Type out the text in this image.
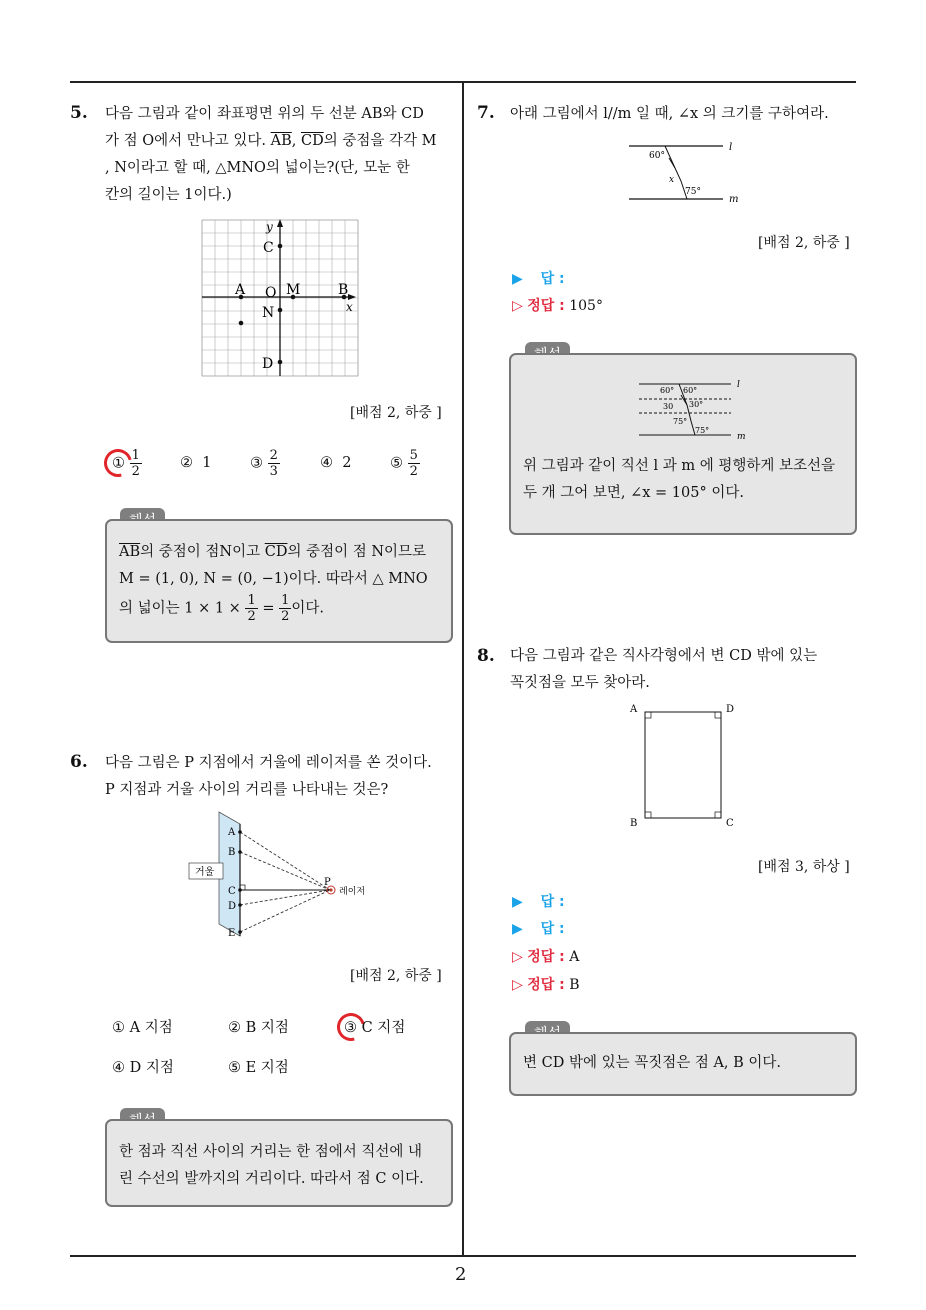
2
5. 다음 그림과 같이 좌표평면 위의 두 선분 AB와 CD
가 점 O에서 만나고 있다. $\overline{AB}$, $\overline{CD}$의 중점을 각각 M
, N이라고 할 때, △MNO의 넓이는?(단, 모눈 한
칸의 길이는 1이다.)
y
C
A O M	B
x
N
D
[배점 2, 하중 ]
① $\frac{1}{2}$	② 1	③ $\frac{2}{3}$	④ 2	⑤ $\frac{5}{2}$
$\overline{AB}$의 중점이 점N이고 $\overline{CD}$의 중점이 점 N이므로
M = (1, 0), N = (0, −1)이다. 따라서 △ MNO
의 넓이는 $1 \times 1 \times \frac{1}{2} = \frac{1}{2}$ 이다.
6. 다음 그림은 P 지점에서 거울에 레이저를 쏜 것이다.
P 지점과 거울 사이의 거리를 나타내는 것은?
거울
A
B
C
D
E
P
레이저
[배점 2, 하중 ]
① A 지점	② B 지점	③ C 지점
④ D 지점	⑤ E 지점
한 점과 직선 사이의 거리는 한 점에서 직선에 내
린 수선의 발까지의 거리이다. 따라서 점 C 이다.
7. 아래 그림에서 l//m 일 때, ∠x 의 크기를 구하여라.
l
m
60°
x
75°
[배점 2, 하중 ]
▶ 답 :
▷ 정답 : 105°
l
m
60° 60°
30 30°
75°
75°
위 그림과 같이 직선 l 과 m 에 평행하게 보조선을
두 개 그어 보면, ∠x = 105° 이다.
8. 다음 그림과 같은 직사각형에서 변 CD 밖에 있는
꼭짓점을 모두 찾아라.
A	D
B	C
[배점 3, 하상 ]
▶ 답 :
▶ 답 :
▷ 정답 : A
▷ 정답 : B
변 CD 밖에 있는 꼭짓점은 점 A, B 이다.
